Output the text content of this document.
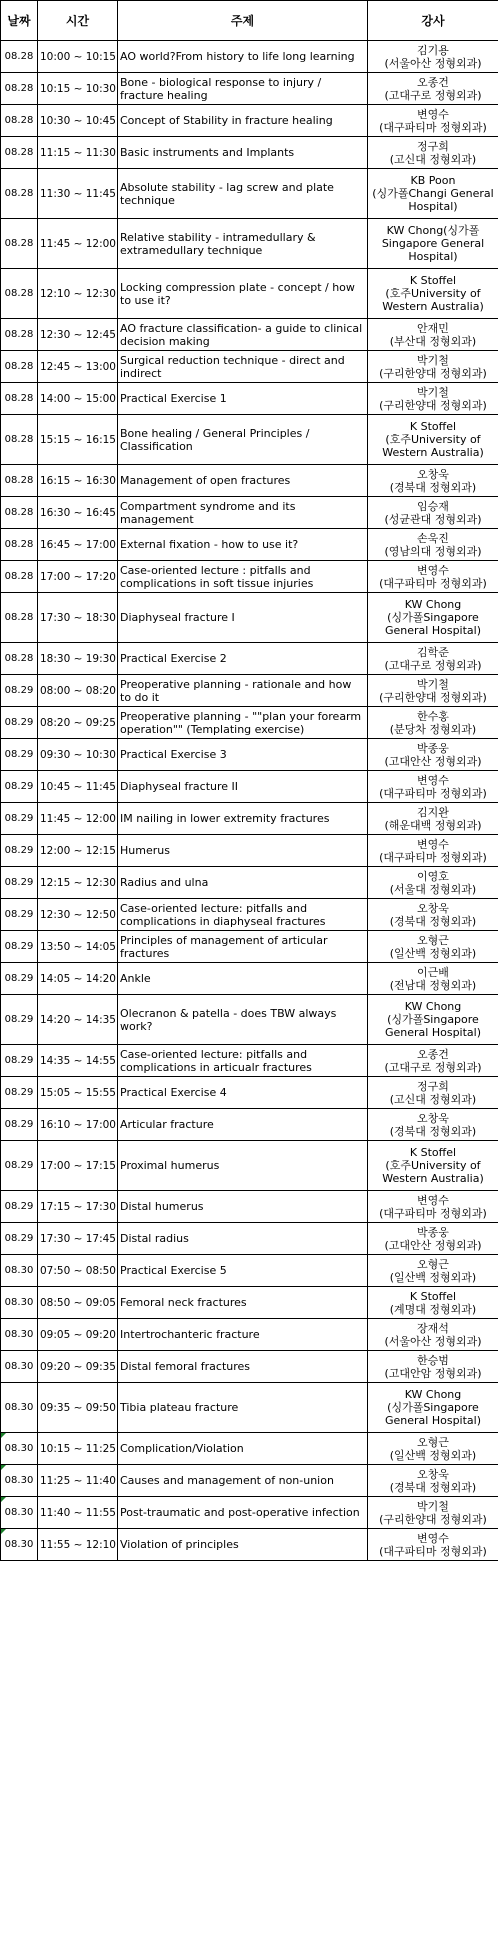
날짜	시간	주제	강사
08.28	10:00 ~ 10:15	AO world?From history to life long learning	김기용
(서울아산 정형외과)
08.28	10:15 ~ 10:30	Bone - biological response to injury / fracture healing	오종건
(고대구로 정형외과)
08.28	10:30 ~ 10:45	Concept of Stability in fracture healing	변영수
(대구파티마 정형외과)
08.28	11:15 ~ 11:30	Basic instruments and Implants	정구희
(고신대 정형외과)
08.28	11:30 ~ 11:45	Absolute stability - lag screw and plate technique	KB Poon
(싱가폴Changi General Hospital)
08.28	11:45 ~ 12:00	Relative stability - intramedullary & extramedullary technique	KW Chong(싱가폴 Singapore General Hospital)
08.28	12:10 ~ 12:30	Locking compression plate - concept / how to use it?	K Stoffel
(호주University of Western Australia)
08.28	12:30 ~ 12:45	AO fracture classification- a guide to clinical decision making	안재민
(부산대 정형외과)
08.28	12:45 ~ 13:00	Surgical reduction technique - direct and indirect	박기철
(구리한양대 정형외과)
08.28	14:00 ~ 15:00	Practical Exercise 1	박기철
(구리한양대 정형외과)
08.28	15:15 ~ 16:15	Bone healing / General Principles / Classification	K Stoffel
(호주University of Western Australia)
08.28	16:15 ~ 16:30	Management of open fractures	오창욱
(경북대 정형외과)
08.28	16:30 ~ 16:45	Compartment syndrome and its management	임승재
(성균관대 정형외과)
08.28	16:45 ~ 17:00	External fixation - how to use it?	손욱진
(영남의대 정형외과)
08.28	17:00 ~ 17:20	Case-oriented lecture : pitfalls and complications in soft tissue injuries	변영수
(대구파티마 정형외과)
08.28	17:30 ~ 18:30	Diaphyseal fracture I	KW Chong
(싱가폴Singapore General Hospital)
08.28	18:30 ~ 19:30	Practical Exercise 2	김학준
(고대구로 정형외과)
08.29	08:00 ~ 08:20	Preoperative planning - rationale and how to do it	박기철
(구리한양대 정형외과)
08.29	08:20 ~ 09:25	Preoperative planning - ""plan your forearm operation"" (Templating exercise)	한수홍
(분당차 정형외과)
08.29	09:30 ~ 10:30	Practical Exercise 3	박종웅
(고대안산 정형외과)
08.29	10:45 ~ 11:45	Diaphyseal fracture II	변영수
(대구파티마 정형외과)
08.29	11:45 ~ 12:00	IM nailing in lower extremity fractures	김지완
(해운대백 정형외과)
08.29	12:00 ~ 12:15	Humerus	변영수
(대구파티마 정형외과)
08.29	12:15 ~ 12:30	Radius and ulna	이영호
(서울대 정형외과)
08.29	12:30 ~ 12:50	Case-oriented lecture: pitfalls and complications in diaphyseal fractures	오창욱
(경북대 정형외과)
08.29	13:50 ~ 14:05	Principles of management of articular fractures	오형근
(일산백 정형외과)
08.29	14:05 ~ 14:20	Ankle	이근배
(전남대 정형외과)
08.29	14:20 ~ 14:35	Olecranon & patella - does TBW always work?	KW Chong
(싱가폴Singapore General Hospital)
08.29	14:35 ~ 14:55	Case-oriented lecture: pitfalls and complications in articualr fractures	오종건
(고대구로 정형외과)
08.29	15:05 ~ 15:55	Practical Exercise 4	정구희
(고신대 정형외과)
08.29	16:10 ~ 17:00	Articular fracture	오창욱
(경북대 정형외과)
08.29	17:00 ~ 17:15	Proximal humerus	K Stoffel
(호주University of Western Australia)
08.29	17:15 ~ 17:30	Distal humerus	변영수
(대구파티마 정형외과)
08.29	17:30 ~ 17:45	Distal radius	박종웅
(고대안산 정형외과)
08.30	07:50 ~ 08:50	Practical Exercise 5	오형근
(일산백 정형외과)
08.30	08:50 ~ 09:05	Femoral neck fractures	K Stoffel
(계명대 정형외과)
08.30	09:05 ~ 09:20	Intertrochanteric fracture	장재석
(서울아산 정형외과)
08.30	09:20 ~ 09:35	Distal femoral fractures	한승범
(고대안암 정형외과)
08.30	09:35 ~ 09:50	Tibia plateau fracture	KW Chong
(싱가폴Singapore General Hospital)
08.30	10:15 ~ 11:25	Complication/Violation	오형근
(일산백 정형외과)
08.30	11:25 ~ 11:40	Causes and management of non-union	오창욱
(경북대 정형외과)
08.30	11:40 ~ 11:55	Post-traumatic and post-operative infection	박기철
(구리한양대 정형외과)
08.30	11:55 ~ 12:10	Violation of principles	변영수
(대구파티마 정형외과)
